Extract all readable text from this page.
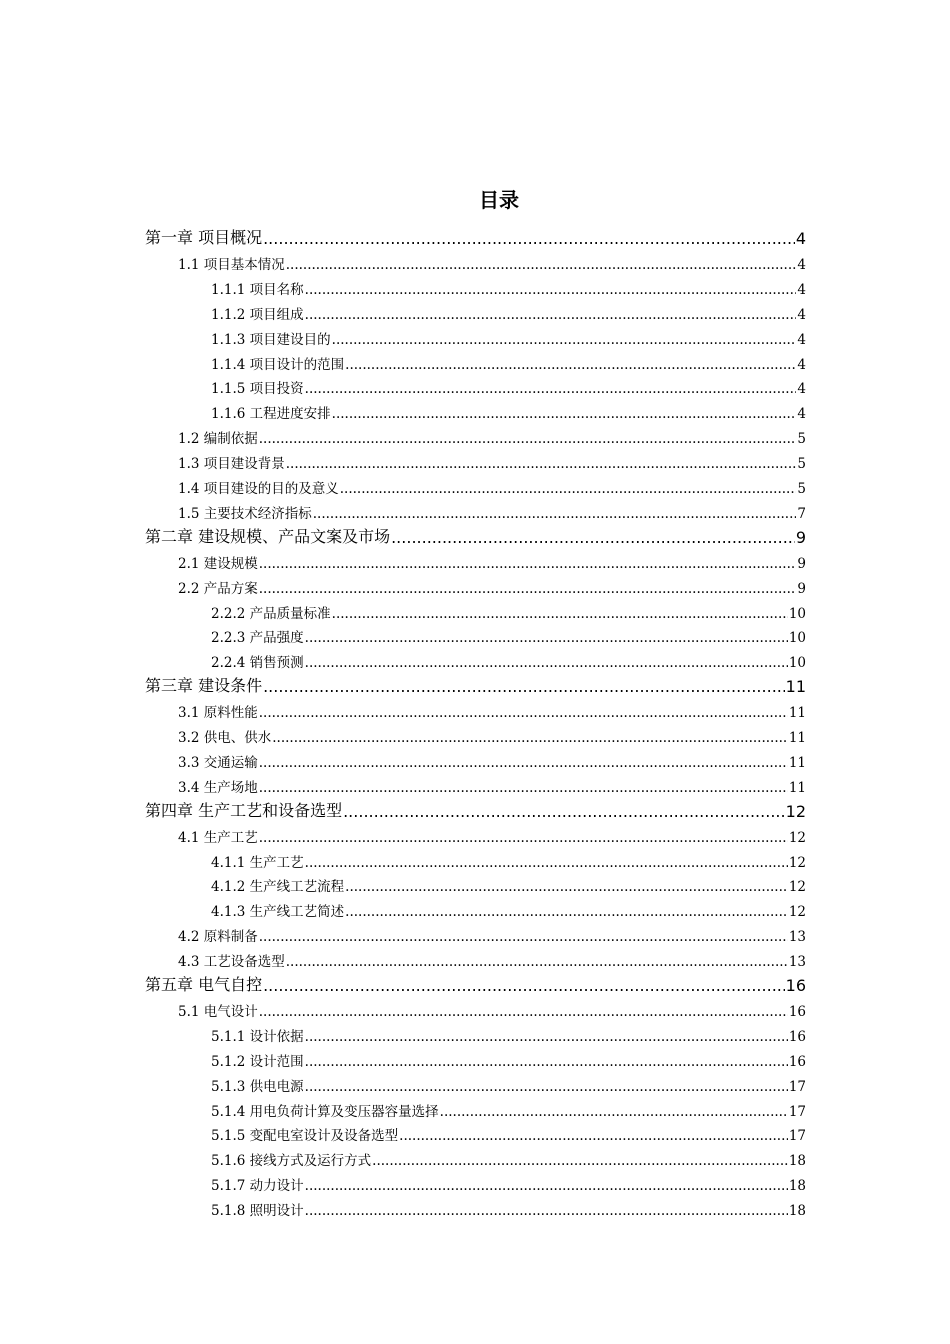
目录
第一章 项目概况 .....	4
1.1 项目基本情况 .....	4
1.1.1 项目名称 .....	4
1.1.2 项目组成 .....	4
1.1.3 项目建设目的 .....	4
1.1.4 项目设计的范围 .....	4
1.1.5 项目投资 .....	4
1.1.6 工程进度安排 .....	4
1.2 编制依据 .....	5
1.3 项目建设背景 .....	5
1.4 项目建设的目的及意义 .....	5
1.5 主要技术经济指标 .....	7
第二章 建设规模、产品文案及市场 .....	9
2.1 建设规模 .....	9
2.2 产品方案 .....	9
2.2.2 产品质量标准 .....	10
2.2.3 产品强度 .....	10
2.2.4 销售预测 .....	10
第三章 建设条件 .....	11
3.1 原料性能 .....	11
3.2 供电、供水 .....	11
3.3 交通运输 .....	11
3.4 生产场地 .....	11
第四章 生产工艺和设备选型 .....	12
4.1 生产工艺 .....	12
4.1.1 生产工艺 .....	12
4.1.2 生产线工艺流程 .....	12
4.1.3 生产线工艺简述 .....	12
4.2 原料制备 .....	13
4.3 工艺设备选型 .....	13
第五章 电气自控 .....	16
5.1 电气设计 .....	16
5.1.1 设计依据 .....	16
5.1.2 设计范围 .....	16
5.1.3 供电电源 .....	17
5.1.4 用电负荷计算及变压器容量选择 .....	17
5.1.5 变配电室设计及设备选型 .....	17
5.1.6 接线方式及运行方式 .....	18
5.1.7 动力设计 .....	18
5.1.8 照明设计 .....	18
